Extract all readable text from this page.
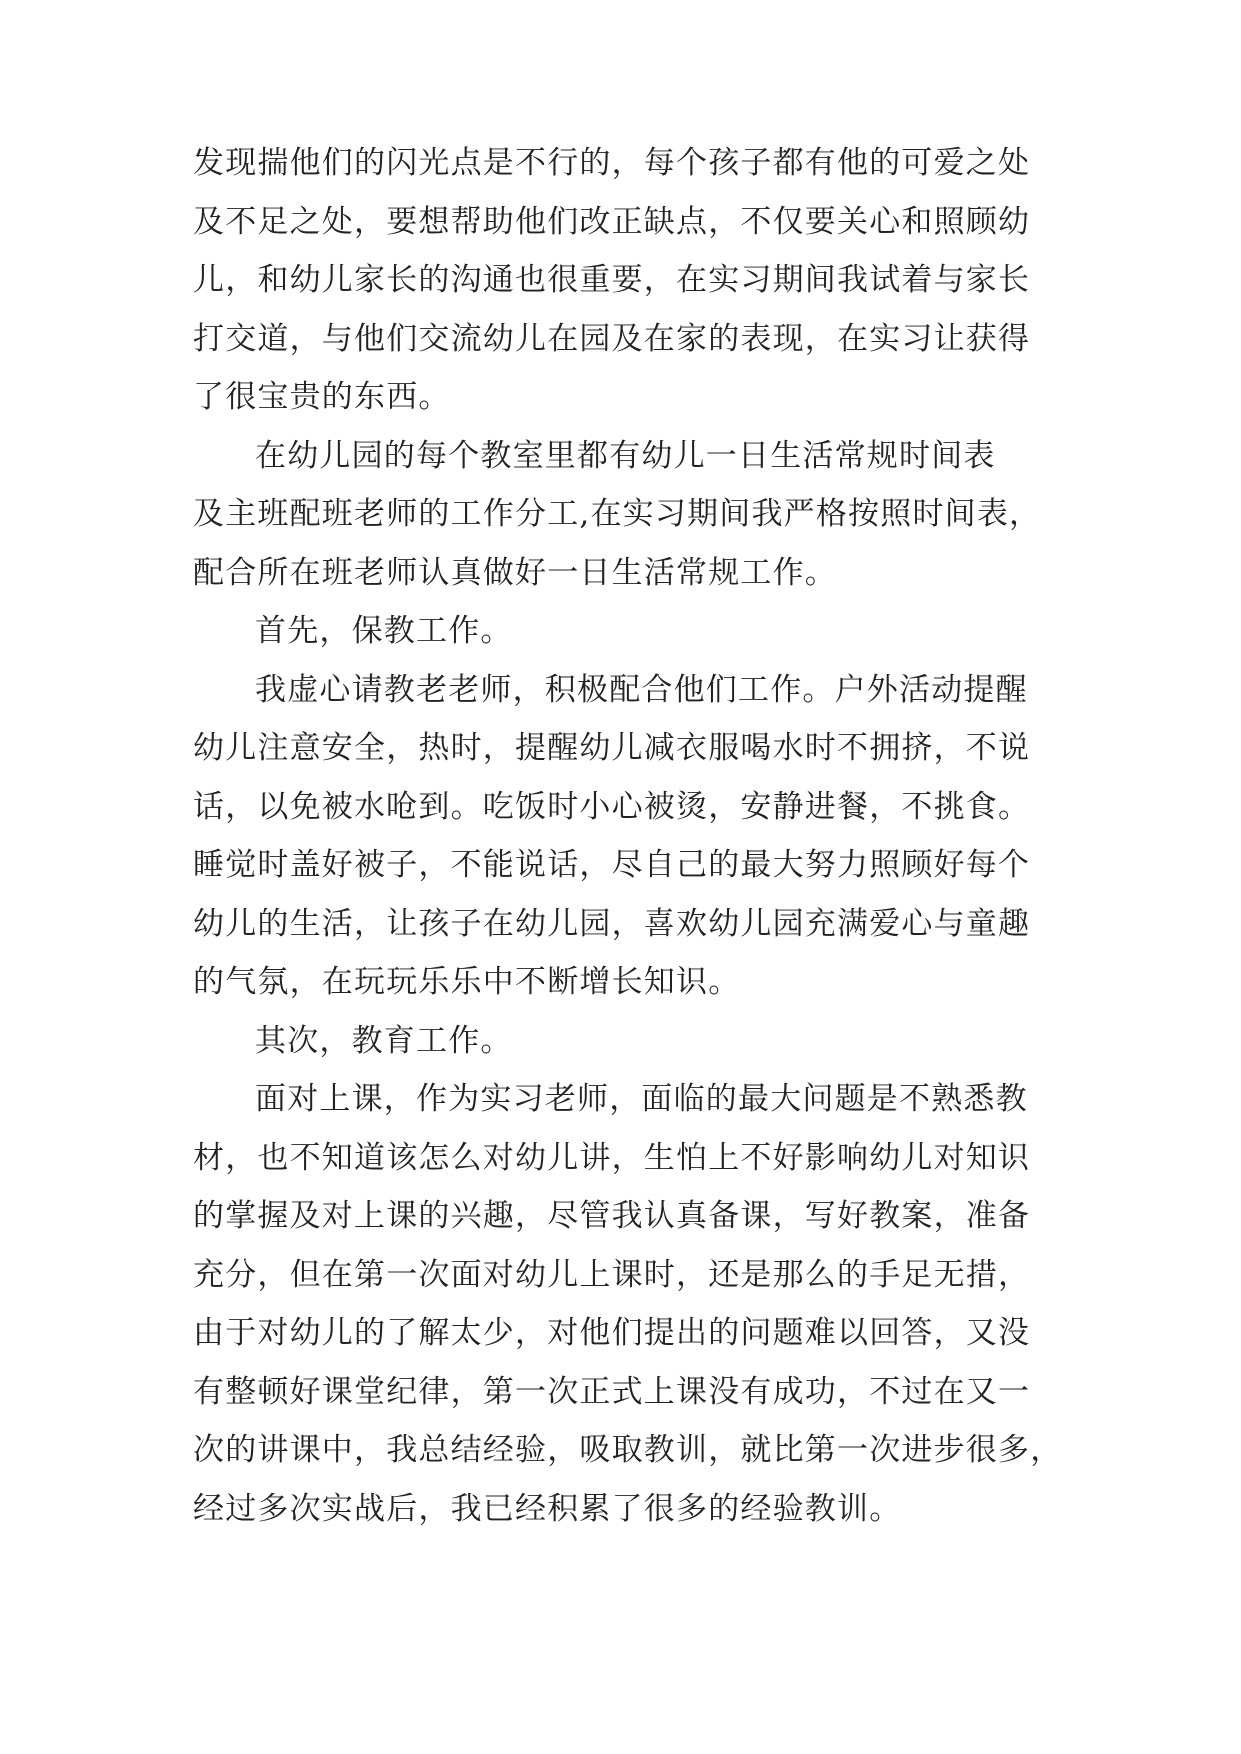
发现揣他们的闪光点是不行的，每个孩子都有他的可爱之处
及不足之处，要想帮助他们改正缺点，不仅要关心和照顾幼
儿，和幼儿家长的沟通也很重要，在实习期间我试着与家长
打交道，与他们交流幼儿在园及在家的表现，在实习让获得
了很宝贵的东西。
在幼儿园的每个教室里都有幼儿一日生活常规时间表
及主班配班老师的工作分工,在实习期间我严格按照时间表，
配合所在班老师认真做好一日生活常规工作。
首先，保教工作。
我虚心请教老老师，积极配合他们工作。户外活动提醒
幼儿注意安全，热时，提醒幼儿减衣服喝水时不拥挤，不说
话，以免被水呛到。吃饭时小心被烫，安静进餐，不挑食。
睡觉时盖好被子，不能说话，尽自己的最大努力照顾好每个
幼儿的生活，让孩子在幼儿园，喜欢幼儿园充满爱心与童趣
的气氛，在玩玩乐乐中不断增长知识。
其次，教育工作。
面对上课，作为实习老师，面临的最大问题是不熟悉教
材，也不知道该怎么对幼儿讲，生怕上不好影响幼儿对知识
的掌握及对上课的兴趣，尽管我认真备课，写好教案，准备
充分，但在第一次面对幼儿上课时，还是那么的手足无措，
由于对幼儿的了解太少，对他们提出的问题难以回答，又没
有整顿好课堂纪律，第一次正式上课没有成功，不过在又一
次的讲课中，我总结经验，吸取教训，就比第一次进步很多，
经过多次实战后，我已经积累了很多的经验教训。
